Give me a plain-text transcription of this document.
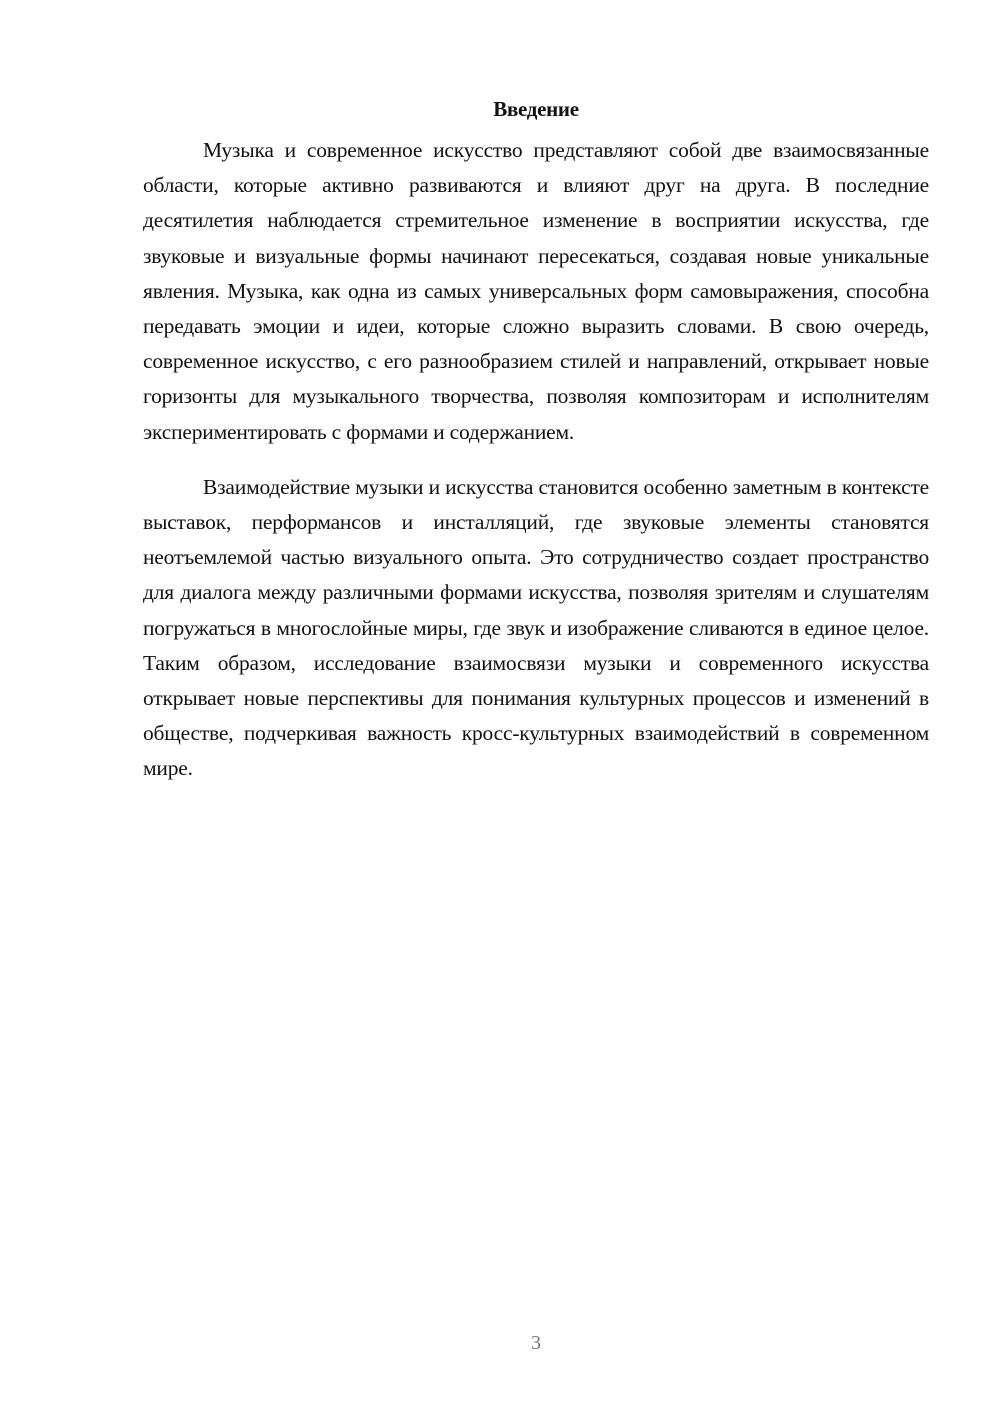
Введение

Музыка и современное искусство представляют собой две взаимосвязанные области, которые активно развиваются и влияют друг на друга. В последние десятилетия наблюдается стремительное изменение в восприятии искусства, где звуковые и визуальные формы начинают пересекаться, создавая новые уникальные явления. Музыка, как одна из самых универсальных форм самовыражения, способна передавать эмоции и идеи, которые сложно выразить словами. В свою очередь, современное искусство, с его разнообразием стилей и направлений, открывает новые горизонты для музыкального творчества, позволяя композиторам и исполнителям экспериментировать с формами и содержанием.

Взаимодействие музыки и искусства становится особенно заметным в контексте выставок, перформансов и инсталляций, где звуковые элементы становятся неотъемлемой частью визуального опыта. Это сотрудничество создает пространство для диалога между различными формами искусства, позволяя зрителям и слушателям погружаться в многослойные миры, где звук и изображение сливаются в единое целое. Таким образом, исследование взаимосвязи музыки и современного искусства открывает новые перспективы для понимания культурных процессов и изменений в обществе, подчеркивая важность кросс-культурных взаимодействий в современном мире.

3
